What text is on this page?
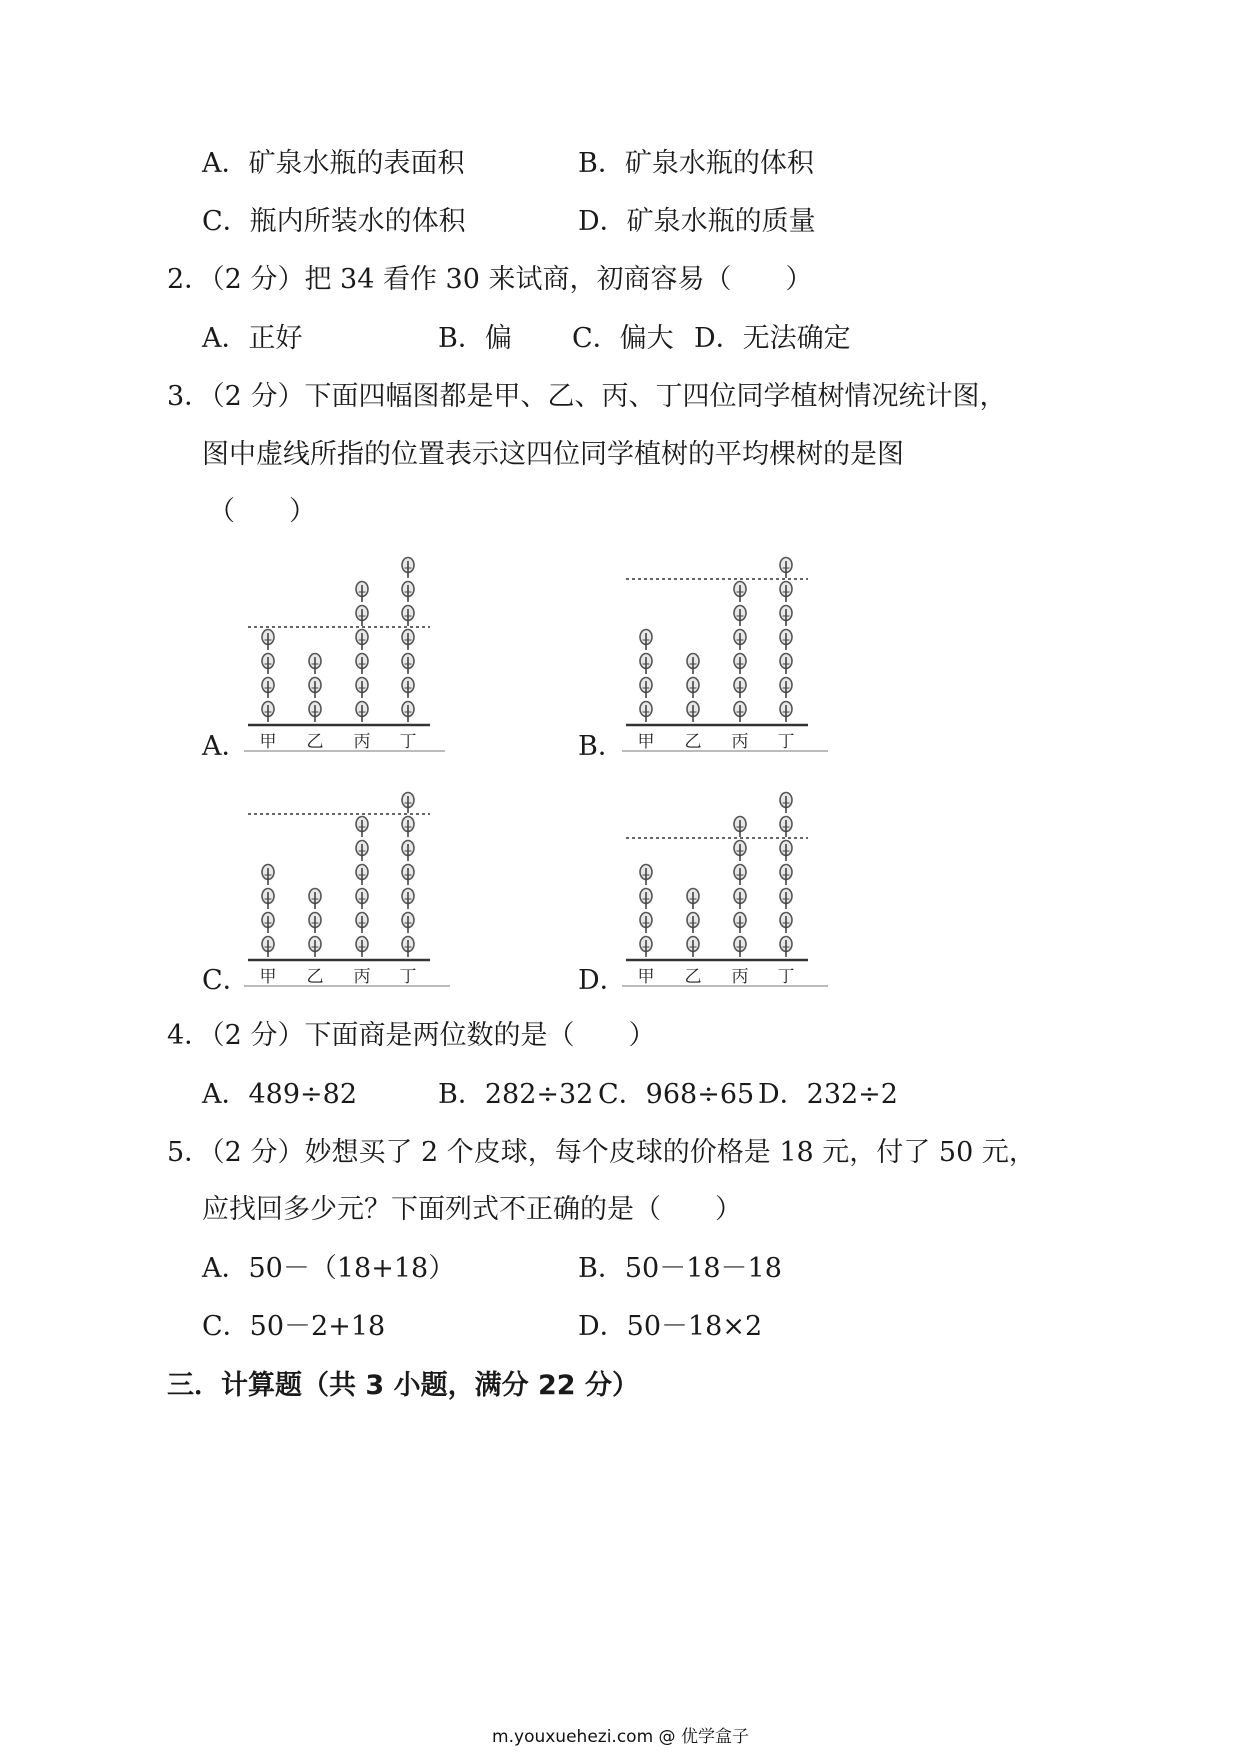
A．矿泉水瓶的表面积	B．矿泉水瓶的体积
C．瓶内所装水的体积	D．矿泉水瓶的质量
2．（2 分）把 34 看作 30 来试商，初商容易（　　）
A．正好	B．偏 C．偏大 D．无法确定
3．（2 分）下面四幅图都是甲、乙、丙、丁四位同学植树情况统计图，
图中虚线所指的位置表示这四位同学植树的平均棵树的是图
（　　）
A．	B．
C．	D．
甲 乙 丙 丁	甲 乙 丙 丁
甲 乙 丙 丁	甲 乙 丙 丁
4．（2 分）下面商是两位数的是（　　）
A．489÷82	B．282÷32 C．968÷65 D．232÷2
5．（2 分）妙想买了 2 个皮球，每个皮球的价格是 18 元，付了 50 元，
应找回多少元？下面列式不正确的是（　　）
A．50－（18+18）	B．50－18－18
C．50－2+18	D．50－18×2
三．计算题（共 3 小题，满分 22 分）
m.youxuehezi.com @ 优学盒子
